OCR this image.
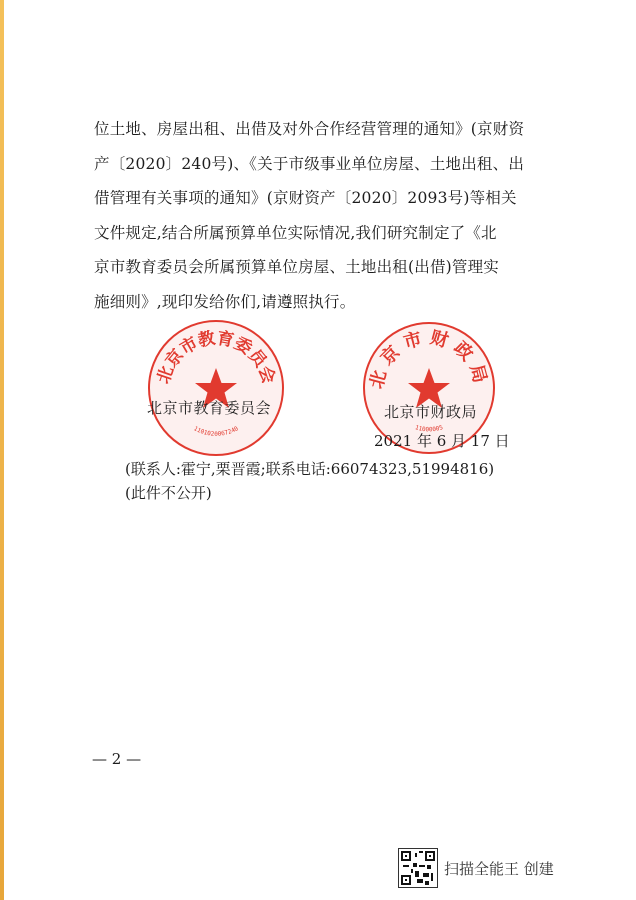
位土地、房屋出租、出借及对外合作经营管理的通知》(京财资
产〔2020〕240号)、《关于市级事业单位房屋、土地出租、出
借管理有关事项的通知》(京财资产〔2020〕2093号)等相关
文件规定,结合所属预算单位实际情况,我们研究制定了《北
京市教育委员会所属预算单位房屋、土地出租(出借)管理实
施细则》,现印发给你们,请遵照执行。
北京市教育委员会
1101020067240
北京市财政局
11000005
北京市教育委员会	北京市财政局
2021 年 6 月 17 日
(联系人:霍宁,栗晋霞;联系电话:66074323,51994816)
(此件不公开)
— 2 —
扫描全能王 创建
